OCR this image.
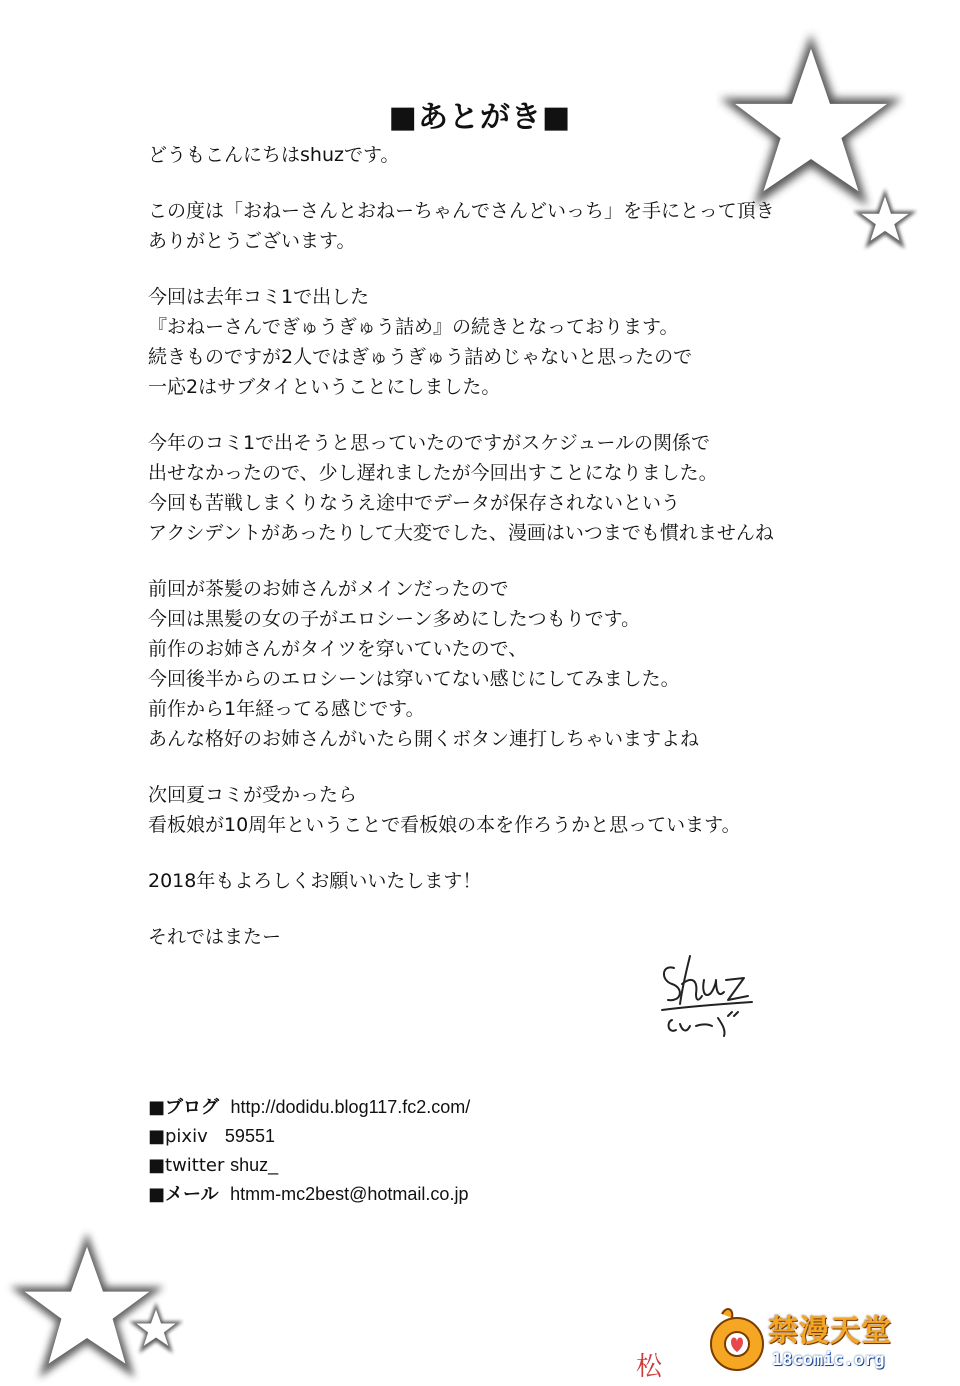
■あとがき■
どうもこんにちはshuzです。
この度は「おねーさんとおねーちゃんでさんどいっち」を手にとって頂き
ありがとうございます。
今回は去年コミ1で出した
『おねーさんでぎゅうぎゅう詰め』の続きとなっております。
続きものですが2人ではぎゅうぎゅう詰めじゃないと思ったので
一応2はサブタイということにしました。
今年のコミ1で出そうと思っていたのですがスケジュールの関係で
出せなかったので、少し遅れましたが今回出すことになりました。
今回も苦戦しまくりなうえ途中でデータが保存されないという
アクシデントがあったりして大変でした、漫画はいつまでも慣れませんね
前回が茶髪のお姉さんがメインだったので
今回は黒髪の女の子がエロシーン多めにしたつもりです。
前作のお姉さんがタイツを穿いていたので、
今回後半からのエロシーンは穿いてない感じにしてみました。
前作から1年経ってる感じです。
あんな格好のお姉さんがいたら開くボタン連打しちゃいますよね
次回夏コミが受かったら
看板娘が10周年ということで看板娘の本を作ろうかと思っています。
2018年もよろしくお願いいたします！
それではまたー
■ブログ http://dodidu.blog117.fc2.com/
■pixiv 59551
■twitter shuz_
■メール htmm-mc2best@hotmail.co.jp
松
禁漫天堂
18comic.org
